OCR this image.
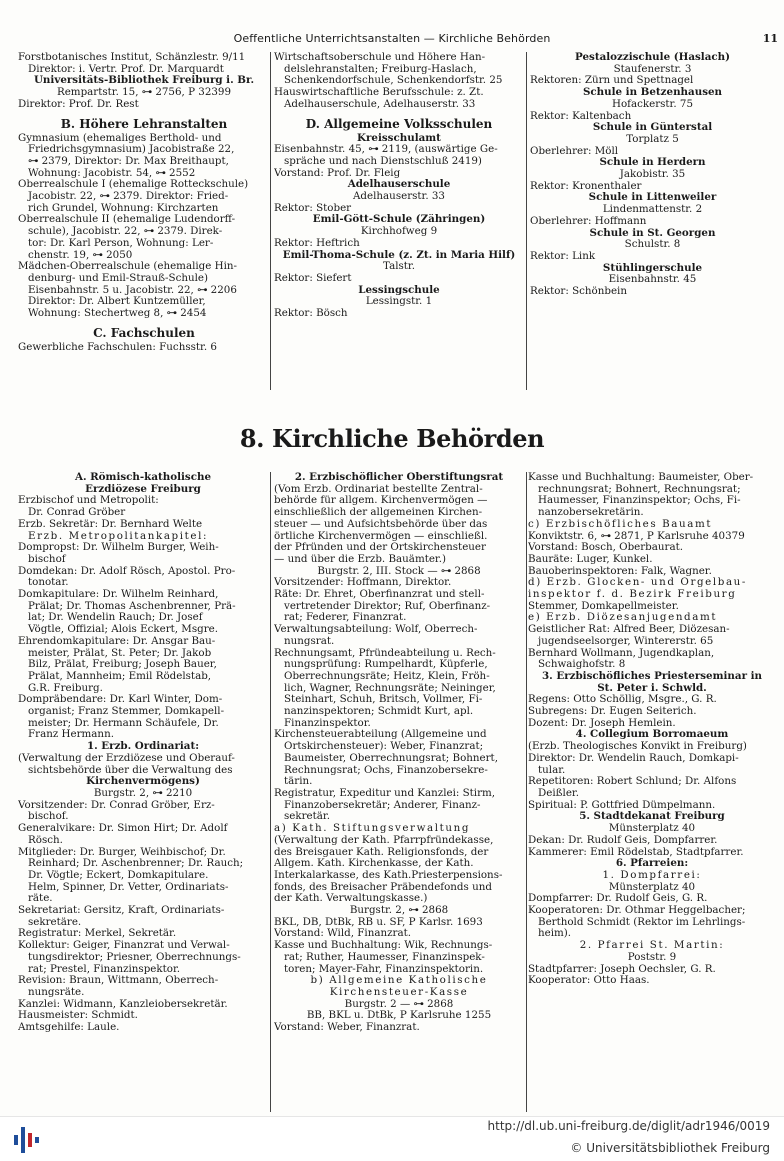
Oeffentliche Unterrichtsanstalten — Kirchliche Behörden	11
Forstbotanisches Institut, Schänzlestr. 9/11
Direktor: i. Vertr. Prof. Dr. Marquardt
Universitäts-Bibliothek Freiburg i. Br.
Rempartstr. 15, ⊶ 2756, P 32399
Direktor: Prof. Dr. Rest
B. Höhere Lehranstalten
Gymnasium (ehemaliges Berthold- und
Friedrichsgymnasium) Jacobistraße 22,
⊶ 2379, Direktor: Dr. Max Breithaupt,
Wohnung: Jacobistr. 54, ⊶ 2552
Oberrealschule I (ehemalige Rotteckschule)
Jacobistr. 22, ⊶ 2379. Direktor: Fried-
rich Grundel, Wohnung: Kirchzarten
Oberrealschule II (ehemalige Ludendorff-
schule), Jacobistr. 22, ⊶ 2379. Direk-
tor: Dr. Karl Person, Wohnung: Ler-
chenstr. 19, ⊶ 2050
Mädchen-Oberrealschule (ehemalige Hin-
denburg- und Emil-Strauß-Schule)
Eisenbahnstr. 5 u. Jacobistr. 22, ⊶ 2206
Direktor: Dr. Albert Kuntzemüller,
Wohnung: Stechertweg 8, ⊶ 2454
C. Fachschulen
Gewerbliche Fachschulen: Fuchsstr. 6
Wirtschaftsoberschule und Höhere Han-
delslehranstalten; Freiburg-Haslach,
Schenkendorfschule, Schenkendorfstr. 25
Hauswirtschaftliche Berufsschule: z. Zt.
Adelhauserschule, Adelhauserstr. 33
D. Allgemeine Volksschulen
Kreisschulamt
Eisenbahnstr. 45, ⊶ 2119, (auswärtige Ge-
spräche und nach Dienstschluß 2419)
Vorstand: Prof. Dr. Fleig
Adelhauserschule
Adelhauserstr. 33
Rektor: Stober
Emil-Gött-Schule (Zähringen)
Kirchhofweg 9
Rektor: Heftrich
Emil-Thoma-Schule (z. Zt. in Maria Hilf)
Talstr.
Rektor: Siefert
Lessingschule
Lessingstr. 1
Rektor: Bösch
Pestalozzischule (Haslach)
Staufenerstr. 3
Rektoren: Zürn und Spettnagel
Schule in Betzenhausen
Hofackerstr. 75
Rektor: Kaltenbach
Schule in Günterstal
Torplatz 5
Oberlehrer: Möll
Schule in Herdern
Jakobistr. 35
Rektor: Kronenthaler
Schule in Littenweiler
Lindenmattenstr. 2
Oberlehrer: Hoffmann
Schule in St. Georgen
Schulstr. 8
Rektor: Link
Stühlingerschule
Eisenbahnstr. 45
Rektor: Schönbein
8. Kirchliche Behörden
A. Römisch-katholische
Erzdiözese Freiburg
Erzbischof und Metropolit:
Dr. Conrad Gröber
Erzb. Sekretär: Dr. Bernhard Welte
Erzb. Metropolitankapitel:
Dompropst: Dr. Wilhelm Burger, Weih-
bischof
Domdekan: Dr. Adolf Rösch, Apostol. Pro-
tonotar.
Domkapitulare: Dr. Wilhelm Reinhard,
Prälat; Dr. Thomas Aschenbrenner, Prä-
lat; Dr. Wendelin Rauch; Dr. Josef
Vögtle, Offizial; Alois Eckert, Msgre.
Ehrendomkapitulare: Dr. Ansgar Bau-
meister, Prälat, St. Peter; Dr. Jakob
Bilz, Prälat, Freiburg; Joseph Bauer,
Prälat, Mannheim; Emil Rödelstab,
G.R. Freiburg.
Dompräbendare: Dr. Karl Winter, Dom-
organist; Franz Stemmer, Domkapell-
meister; Dr. Hermann Schäufele, Dr.
Franz Hermann.
1. Erzb. Ordinariat:
(Verwaltung der Erzdiözese und Oberauf-
sichtsbehörde über die Verwaltung des
Kirchenvermögens)
Burgstr. 2, ⊶ 2210
Vorsitzender: Dr. Conrad Gröber, Erz-
bischof.
Generalvikare: Dr. Simon Hirt; Dr. Adolf
Rösch.
Mitglieder: Dr. Burger, Weihbischof; Dr.
Reinhard; Dr. Aschenbrenner; Dr. Rauch;
Dr. Vögtle; Eckert, Domkapitulare.
Helm, Spinner, Dr. Vetter, Ordinariats-
räte.
Sekretariat: Gersitz, Kraft, Ordinariats-
sekretäre.
Registratur: Merkel, Sekretär.
Kollektur: Geiger, Finanzrat und Verwal-
tungsdirektor; Priesner, Oberrechnungs-
rat; Prestel, Finanzinspektor.
Revision: Braun, Wittmann, Oberrech-
nungsräte.
Kanzlei: Widmann, Kanzleiobersekretär.
Hausmeister: Schmidt.
Amtsgehilfe: Laule.
2. Erzbischöflicher Oberstiftungsrat
(Vom Erzb. Ordinariat bestellte Zentral-
behörde für allgem. Kirchenvermögen —
einschließlich der allgemeinen Kirchen-
steuer — und Aufsichtsbehörde über das
örtliche Kirchenvermögen — einschließl.
der Pfründen und der Ortskirchensteuer
— und über die Erzb. Bauämter.)
Burgstr. 2, III. Stock — ⊶ 2868
Vorsitzender: Hoffmann, Direktor.
Räte: Dr. Ehret, Oberfinanzrat und stell-
vertretender Direktor; Ruf, Oberfinanz-
rat; Federer, Finanzrat.
Verwaltungsabteilung: Wolf, Oberrech-
nungsrat.
Rechnungsamt, Pfründeabteilung u. Rech-
nungsprüfung: Rumpelhardt, Küpferle,
Oberrechnungsräte; Heitz, Klein, Fröh-
lich, Wagner, Rechnungsräte; Neininger,
Steinhart, Schuh, Britsch, Vollmer, Fi-
nanzinspektoren; Schmidt Kurt, apl.
Finanzinspektor.
Kirchensteuerabteilung (Allgemeine und
Ortskirchensteuer): Weber, Finanzrat;
Baumeister, Oberrechnungsrat; Bohnert,
Rechnungsrat; Ochs, Finanzobersekre-
tärin.
Registratur, Expeditur und Kanzlei: Stirm,
Finanzobersekretär; Anderer, Finanz-
sekretär.
a) Kath. Stiftungsverwaltung
(Verwaltung der Kath. Pfarrpfründekasse,
des Breisgauer Kath. Religionsfonds, der
Allgem. Kath. Kirchenkasse, der Kath.
Interkalarkasse, des Kath.Priesterpensions-
fonds, des Breisacher Präbendefonds und
der Kath. Verwaltungskasse.)
Burgstr. 2, ⊶ 2868
BKL, DB, DtBk, RB u. SF, P Karlsr. 1693
Vorstand: Wild, Finanzrat.
Kasse und Buchhaltung: Wik, Rechnungs-
rat; Ruther, Haumesser, Finanzinspek-
toren; Mayer-Fahr, Finanzinspektorin.
b) Allgemeine Katholische
Kirchensteuer-Kasse
Burgstr. 2 — ⊶ 2868
BB, BKL u. DtBk, P Karlsruhe 1255
Vorstand: Weber, Finanzrat.
Kasse und Buchhaltung: Baumeister, Ober-
rechnungsrat; Bohnert, Rechnungsrat;
Haumesser, Finanzinspektor; Ochs, Fi-
nanzobersekretärin.
c) Erzbischöfliches Bauamt
Konviktstr. 6, ⊶ 2871, P Karlsruhe 40379
Vorstand: Bosch, Oberbaurat.
Bauräte: Luger, Kunkel.
Bauoberinspektoren: Falk, Wagner.
d) Erzb. Glocken- und Orgelbau-
inspektor f. d. Bezirk Freiburg
Stemmer, Domkapellmeister.
e) Erzb. Diözesanjugendamt
Geistlicher Rat: Alfred Beer, Diözesan-
jugendseelsorger, Wintererstr. 65
Bernhard Wollmann, Jugendkaplan,
Schwaighofstr. 8
3. Erzbischöfliches Priesterseminar in
St. Peter i. Schwld.
Regens: Otto Schöllig, Msgre., G. R.
Subregens: Dr. Eugen Seiterich.
Dozent: Dr. Joseph Hemlein.
4. Collegium Borromaeum
(Erzb. Theologisches Konvikt in Freiburg)
Direktor: Dr. Wendelin Rauch, Domkapi-
tular.
Repetitoren: Robert Schlund; Dr. Alfons
Deißler.
Spiritual: P. Gottfried Dümpelmann.
5. Stadtdekanat Freiburg
Münsterplatz 40
Dekan: Dr. Rudolf Geis, Dompfarrer.
Kammerer: Emil Rödelstab, Stadtpfarrer.
6. Pfarreien:
1. Dompfarrei:
Münsterplatz 40
Dompfarrer: Dr. Rudolf Geis, G. R.
Kooperatoren: Dr. Othmar Heggelbacher;
Berthold Schmidt (Rektor im Lehrlings-
heim).
2. Pfarrei St. Martin:
Poststr. 9
Stadtpfarrer: Joseph Oechsler, G. R.
Kooperator: Otto Haas.
http://dl.ub.uni-freiburg.de/diglit/adr1946/0019
© Universitätsbibliothek Freiburg
